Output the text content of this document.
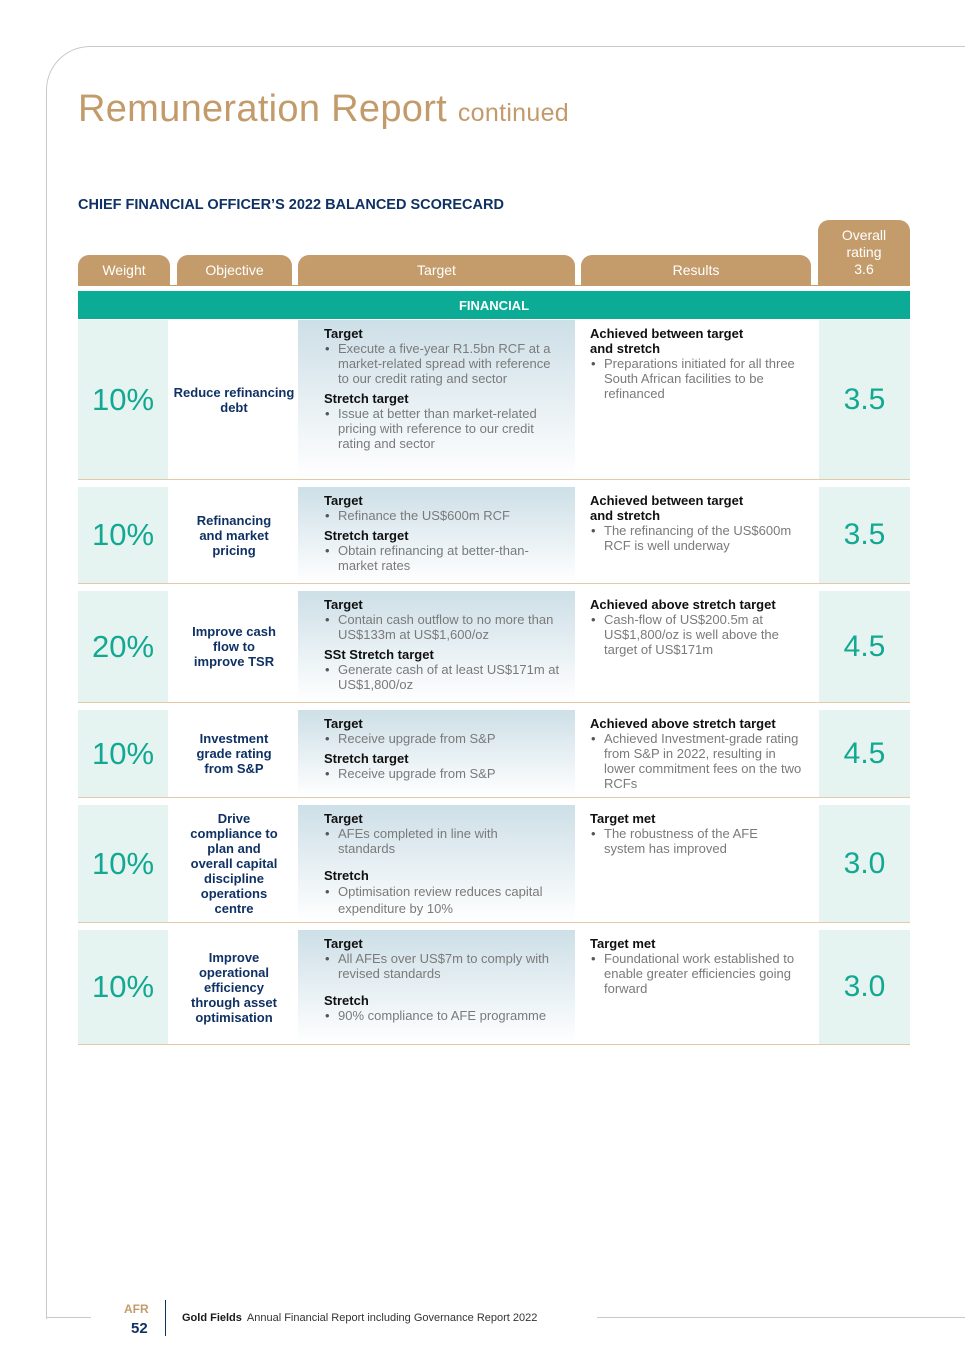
Remuneration Report continued
CHIEF FINANCIAL OFFICER’S 2022 BALANCED SCORECARD
Weight	Objective	Target	Results
Overall
rating
3.6
FINANCIAL
10%	Reduce refinancing debt
Target
• Execute a five-year R1.5bn RCF at a market-related spread with reference to our credit rating and sector
Stretch target
• Issue at better than market-related pricing with reference to our credit rating and sector
Achieved between target and stretch
• Preparations initiated for all three South African facilities to be refinanced	3.5
10%	Refinancing and market pricing
Target
• Refinance the US$600m RCF
Stretch target
• Obtain refinancing at better-than-market rates
Achieved between target and stretch
• The refinancing of the US$600m RCF is well underway	3.5
20%	Improve cash flow to improve TSR
Target
• Contain cash outflow to no more than US$133m at US$1,600/oz
SSt Stretch target
• Generate cash of at least US$171m at US$1,800/oz
Achieved above stretch target
• Cash-flow of US$200.5m at US$1,800/oz is well above the target of US$171m	4.5
10%	Investment grade rating from S&P
Target
• Receive upgrade from S&P
Stretch target
• Receive upgrade from S&P
Achieved above stretch target
• Achieved Investment-grade rating from S&P in 2022, resulting in lower commitment fees on the two RCFs
4.5
10%
Drive compliance to plan and overall capital discipline operations centre
Target
• AFEs completed in line with standards
Stretch
• Optimisation review reduces capital expenditure by 10%
Target met
• The robustness of the AFE system has improved	3.0
10%
Improve operational efficiency through asset optimisation
Target
• All AFEs over US$7m to comply with revised standards
Stretch
• 90% compliance to AFE programme
Target met
• Foundational work established to enable greater efficiencies going forward	3.0
AFR
52
Gold Fields Annual Financial Report including Governance Report 2022
